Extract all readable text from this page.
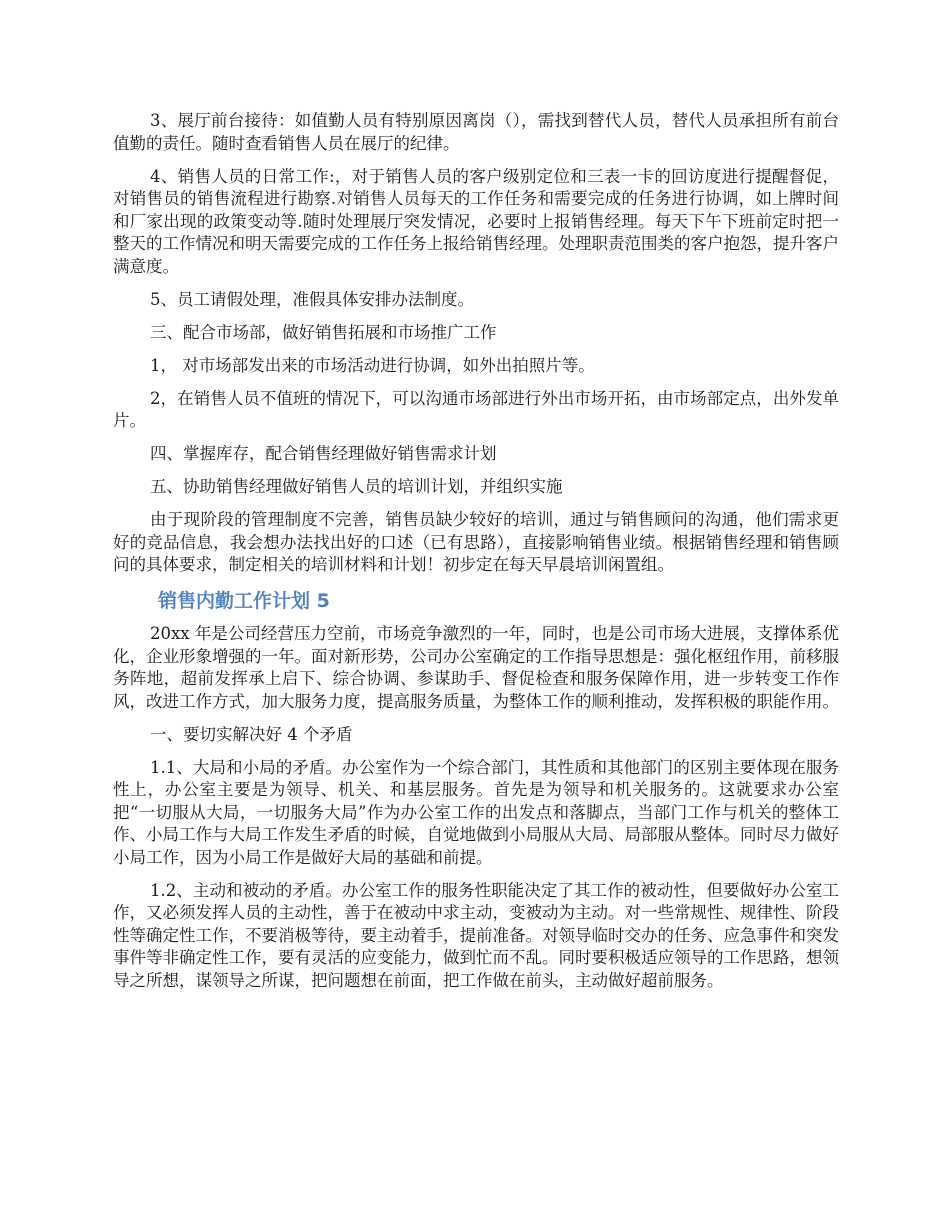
3、展厅前台接待：如值勤人员有特别原因离岗（），需找到替代人员，替代人员承担所有前台值勤的责任。随时查看销售人员在展厅的纪律。

4、销售人员的日常工作:，对于销售人员的客户级别定位和三表一卡的回访度进行提醒督促，对销售员的销售流程进行勘察.对销售人员每天的工作任务和需要完成的任务进行协调，如上牌时间和厂家出现的政策变动等.随时处理展厅突发情况，必要时上报销售经理。每天下午下班前定时把一整天的工作情况和明天需要完成的工作任务上报给销售经理。处理职责范围类的客户抱怨，提升客户满意度。

5、员工请假处理，准假具体安排办法制度。

三、配合市场部，做好销售拓展和市场推广工作

1， 对市场部发出来的市场活动进行协调，如外出拍照片等。

2，在销售人员不值班的情况下，可以沟通市场部进行外出市场开拓，由市场部定点，出外发单片。

四、掌握库存，配合销售经理做好销售需求计划

五、协助销售经理做好销售人员的培训计划，并组织实施

由于现阶段的管理制度不完善，销售员缺少较好的培训，通过与销售顾问的沟通，他们需求更好的竞品信息，我会想办法找出好的口述（已有思路），直接影响销售业绩。根据销售经理和销售顾问的具体要求，制定相关的培训材料和计划！初步定在每天早晨培训闲置组。

销售内勤工作计划 5

20xx 年是公司经营压力空前，市场竞争激烈的一年，同时，也是公司市场大进展，支撑体系优化，企业形象增强的一年。面对新形势，公司办公室确定的工作指导思想是：强化枢纽作用，前移服务阵地，超前发挥承上启下、综合协调、参谋助手、督促检查和服务保障作用，进一步转变工作作风，改进工作方式，加大服务力度，提高服务质量，为整体工作的顺利推动，发挥积极的职能作用。

一、要切实解决好 4 个矛盾

1.1、大局和小局的矛盾。办公室作为一个综合部门，其性质和其他部门的区别主要体现在服务性上，办公室主要是为领导、机关、和基层服务。首先是为领导和机关服务的。这就要求办公室把“一切服从大局，一切服务大局”作为办公室工作的出发点和落脚点，当部门工作与机关的整体工作、小局工作与大局工作发生矛盾的时候，自觉地做到小局服从大局、局部服从整体。同时尽力做好小局工作，因为小局工作是做好大局的基础和前提。

1.2、主动和被动的矛盾。办公室工作的服务性职能决定了其工作的被动性，但要做好办公室工作，又必须发挥人员的主动性，善于在被动中求主动，变被动为主动。对一些常规性、规律性、阶段性等确定性工作，不要消极等待，要主动着手，提前准备。对领导临时交办的任务、应急事件和突发事件等非确定性工作，要有灵活的应变能力，做到忙而不乱。同时要积极适应领导的工作思路，想领导之所想，谋领导之所谋，把问题想在前面，把工作做在前头，主动做好超前服务。
